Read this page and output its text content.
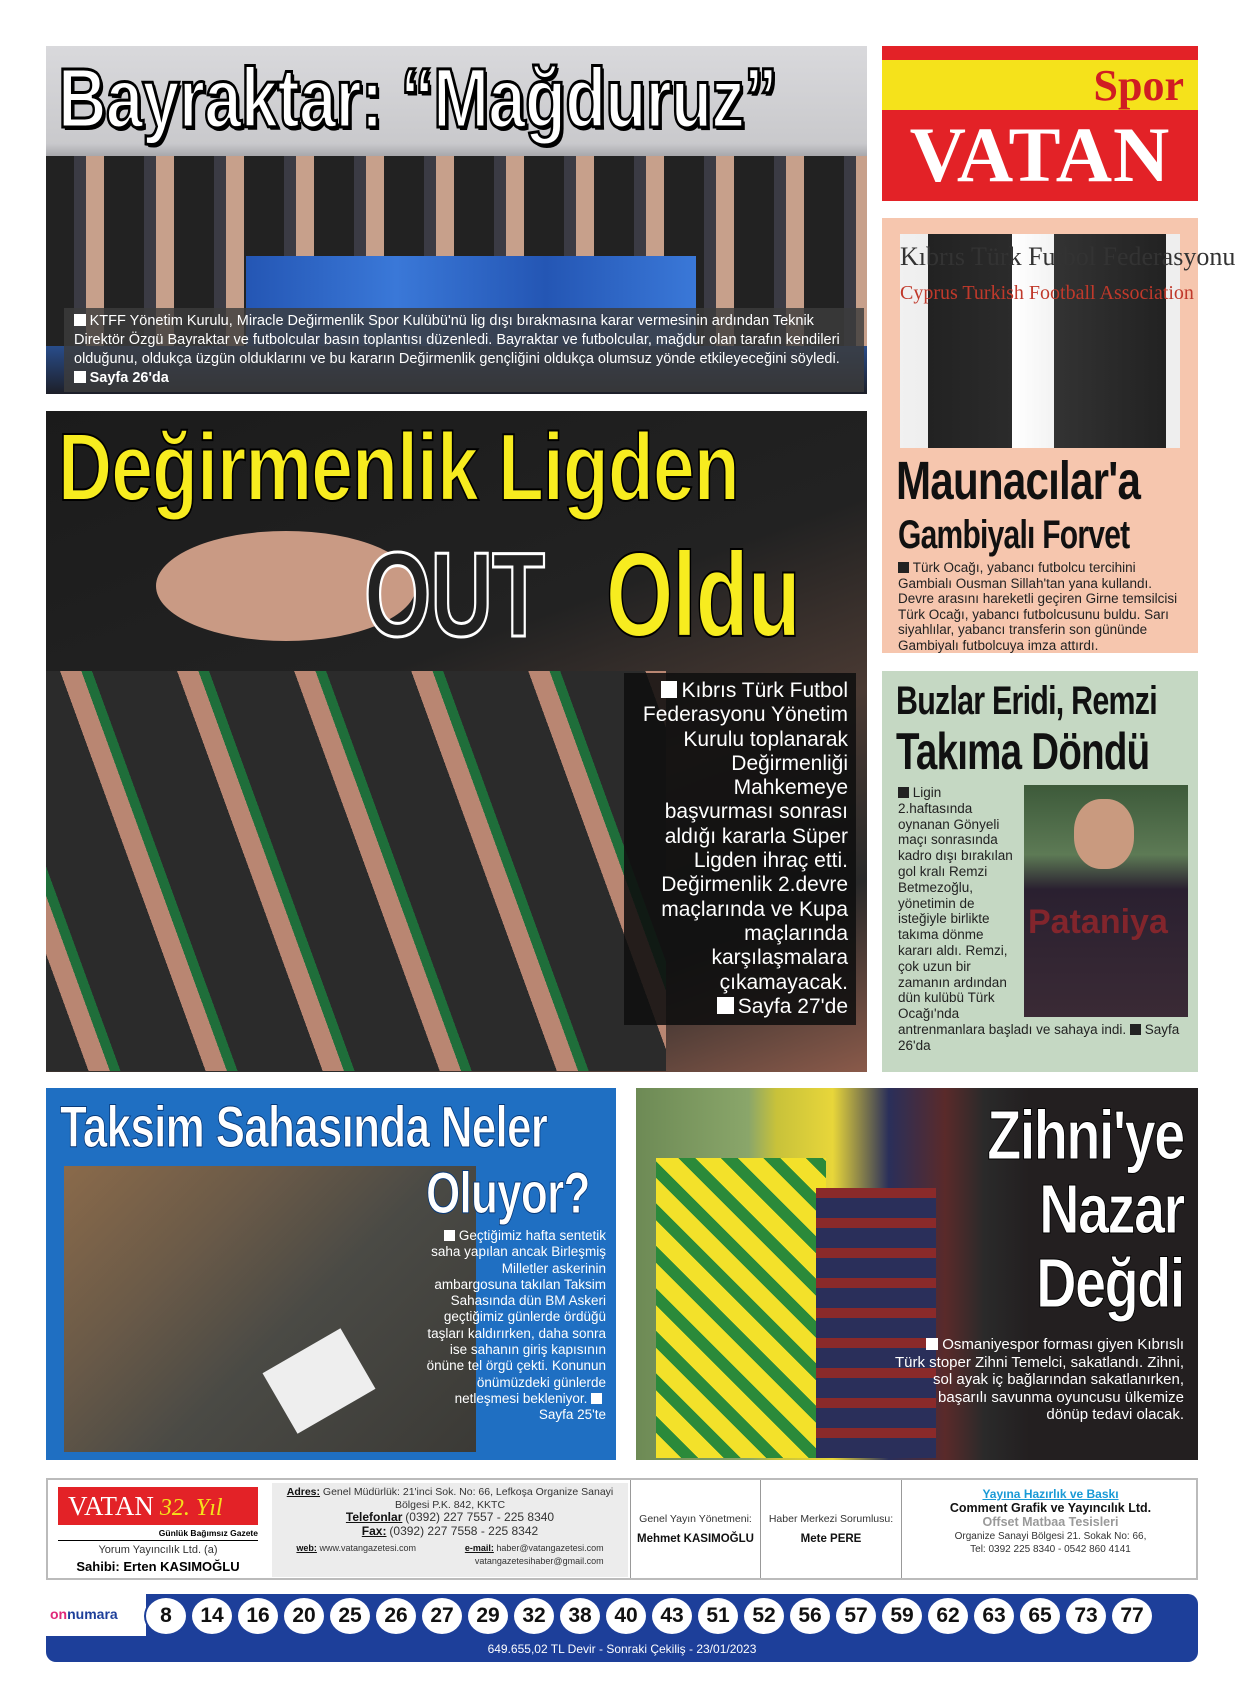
Bayraktar: “Mağduruz”
KTFF Yönetim Kurulu, Miracle Değirmenlik Spor Kulübü'nü lig dışı bırakmasına karar vermesinin ardından Teknik Direktör Özgü Bayraktar ve futbolcular basın toplantısı düzenledi. Bayraktar ve futbolcular, mağdur olan tarafın kendileri olduğunu, oldukça üzgün olduklarını ve bu kararın Değirmenlik gençliğini oldukça olumsuz yönde etkileyeceğini söyledi. Sayfa 26'da
Spor
VATAN
Kıbrıs Türk Futbol Federasyonu
Cyprus Turkish Football Association
Maunacılar'a
Gambiyalı Forvet

Türk Ocağı, yabancı futbolcu tercihini Gambialı Ousman Sillah'tan yana kullandı. Devre arasını hareketli geçiren Girne temsilcisi Türk Ocağı, yabancı futbolcusunu buldu. Sarı siyahlılar, yabancı transferin son gününde Gambiyalı futbolcuya imza attırdı.

Değirmenlik Ligden
OUT Oldu
Kıbrıs Türk Futbol Federasyonu Yönetim Kurulu toplanarak Değirmenliği Mahkemeye başvurması sonrası aldığı kararla Süper Ligden ihraç etti. Değirmenlik 2.devre maçlarında ve Kupa maçlarında karşılaşmalara çıkamayacak.
Sayfa 27'de
Buzlar Eridi, Remzi
Takıma Döndü

Pataniya
Ligin 2.haftasında oynanan Gönyeli maçı sonrasında kadro dışı bırakılan gol kralı Remzi Betmezoğlu, yönetimin de isteğiyle birlikte takıma dönme kararı aldı. Remzi, çok uzun bir zamanın ardından dün kulübü Türk Ocağı'nda antrenmanlara başladı ve sahaya indi. Sayfa 26'da

Taksim Sahasında Neler
Oluyor?

Geçtiğimiz hafta sentetik saha yapılan ancak Birleşmiş Milletler askerinin ambargosuna takılan Taksim Sahasında dün BM Askeri geçtiğimiz günlerde ördüğü taşları kaldırırken, daha sonra ise sahanın giriş kapısının önüne tel örgü çekti. Konunun önümüzdeki günlerde netleşmesi bekleniyor. Sayfa 25'te

Zihni'ye
Nazar
Değdi

Osmaniyespor forması giyen Kıbrıslı Türk stoper Zihni Temelci, sakatlandı. Zihni, sol ayak iç bağlarından sakatlanırken, başarılı savunma oyuncusu ülkemize dönüp tedavi olacak.

VATAN 32. Yıl
Günlük Bağımsız Gazete
Yorum Yayıncılık Ltd. (a)
Sahibi: Erten KASIMOĞLU
Adres: Genel Müdürlük: 21'inci Sok. No: 66, Lefkoşa Organize Sanayi Bölgesi P.K. 842, KKTC
Telefonlar (0392) 227 7557 - 225 8340
Fax: (0392) 227 7558 - 225 8342

web: www.vatangazetesi.com	e-mail: haber@vatangazetesi.com
vatangazetesihaber@gmail.com
Genel Yayın Yönetmeni:
Mehmet KASIMOĞLU
Haber Merkezi Sorumlusu:
Mete PERE
Yayına Hazırlık ve Baskı
Comment Grafik ve Yayıncılık Ltd.
Offset Matbaa Tesisleri
Organize Sanayi Bölgesi 21. Sokak No: 66,
Tel: 0392 225 8340 - 0542 860 4141
649.655,02 TL Devir - Sonraki Çekiliş - 23/01/2023
onnumara	8	14	16	20	25	26	27	29	32	38	40	43	51	52	56	57	59	62	63	65	73	77
